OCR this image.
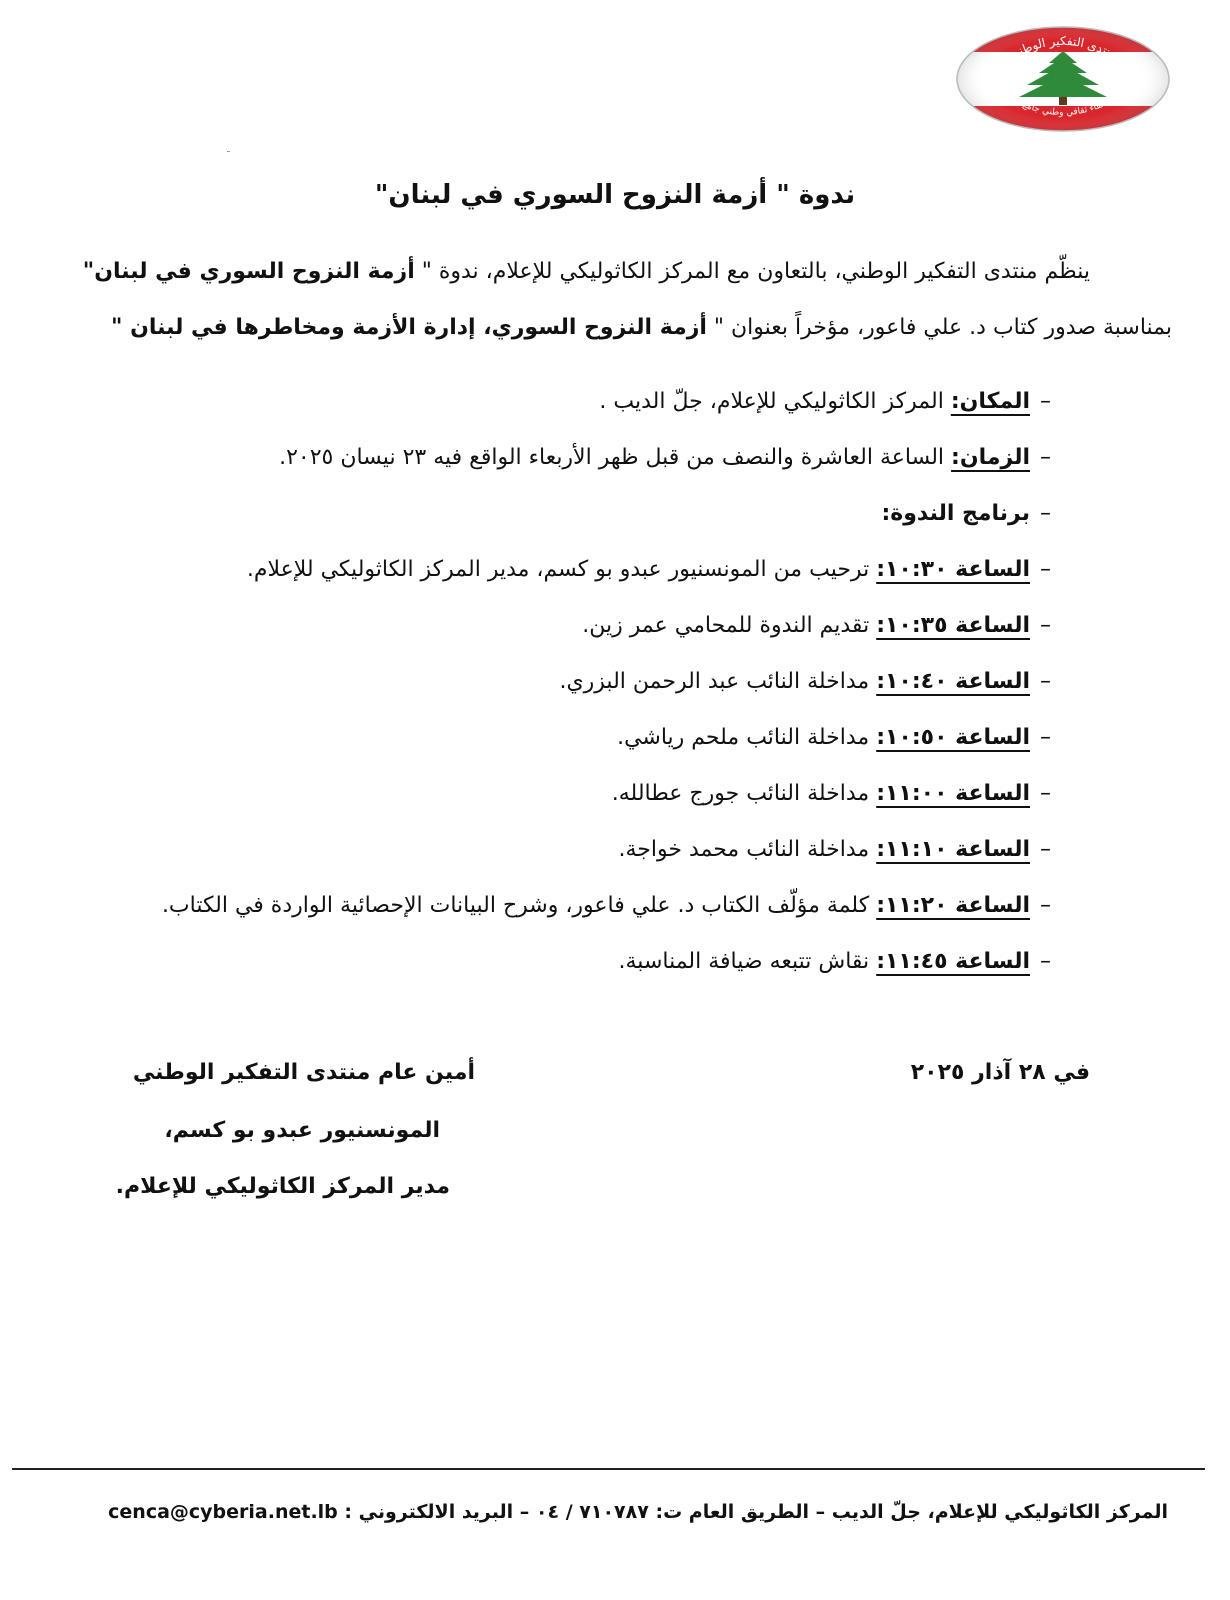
منتدى التفكير الوطني
لقاء ثقافي وطني جامع
ندوة " أزمة النزوح السوري في لبنان"
ينظّم منتدى التفكير الوطني، بالتعاون مع المركز الكاثوليكي للإعلام، ندوة " أزمة النزوح السوري في لبنان"
بمناسبة صدور كتاب د. علي فاعور، مؤخراً بعنوان " أزمة النزوح السوري، إدارة الأزمة ومخاطرها في لبنان "
–المكان: المركز الكاثوليكي للإعلام، جلّ الديب .
–الزمان: الساعة العاشرة والنصف من قبل ظهر الأربعاء الواقع فيه ٢٣ نيسان ٢٠٢٥.
–برنامج الندوة:
–الساعة ١٠:٣٠: ترحيب من المونسنيور عبدو بو كسم، مدير المركز الكاثوليكي للإعلام.
–الساعة ١٠:٣٥: تقديم الندوة للمحامي عمر زين.
–الساعة ١٠:٤٠: مداخلة النائب عبد الرحمن البزري.
–الساعة ١٠:٥٠: مداخلة النائب ملحم رياشي.
–الساعة ١١:٠٠: مداخلة النائب جورج عطالله.
–الساعة ١١:١٠: مداخلة النائب محمد خواجة.
–الساعة ١١:٢٠: كلمة مؤلّف الكتاب د. علي فاعور، وشرح البيانات الإحصائية الواردة في الكتاب.
–الساعة ١١:٤٥: نقاش تتبعه ضيافة المناسبة.
في ٢٨ آذار ٢٠٢٥
أمين عام منتدى التفكير الوطني
المونسنيور عبدو بو كسم،
مدير المركز الكاثوليكي للإعلام.
المركز الكاثوليكي للإعلام، جلّ الديب – الطريق العام ت: ٧١٠٧٨٧ / ٠٤ – البريد الالكتروني : cenca@cyberia.net.lb
